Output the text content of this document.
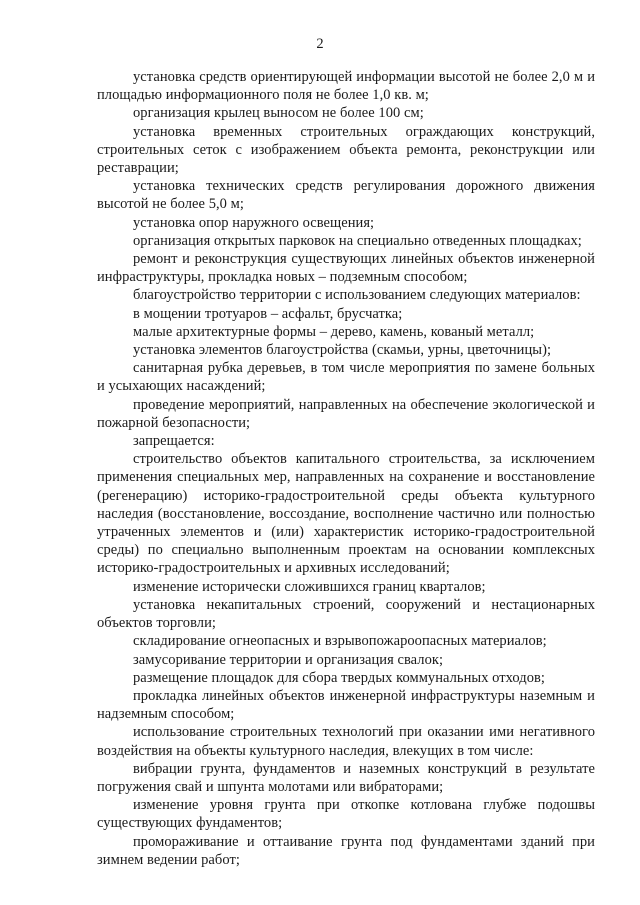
2

установка средств ориентирующей информации высотой не более 2,0 м и площадью информационного поля не более 1,0 кв. м;

организация крылец выносом не более 100 см;

установка временных строительных ограждающих конструкций, строительных сеток с изображением объекта ремонта, реконструкции или реставрации;

установка технических средств регулирования дорожного движения высотой не более 5,0 м;

установка опор наружного освещения;

организация открытых парковок на специально отведенных площадках;

ремонт и реконструкция существующих линейных объектов инженерной инфраструктуры, прокладка новых – подземным способом;

благоустройство территории с использованием следующих материалов:

в мощении тротуаров – асфальт, брусчатка;

малые архитектурные формы – дерево, камень, кованый металл;

установка элементов благоустройства (скамьи, урны, цветочницы);

санитарная рубка деревьев, в том числе мероприятия по замене больных и усыхающих насаждений;

проведение мероприятий, направленных на обеспечение экологической и пожарной безопасности;

запрещается:

строительство объектов капитального строительства, за исключением применения специальных мер, направленных на сохранение и восстановление (регенерацию) историко-градостроительной среды объекта культурного наследия (восстановление, воссоздание, восполнение частично или полностью утраченных элементов и (или) характеристик историко-градостроительной среды) по специально выполненным проектам на основании комплексных историко-градостроительных и архивных исследований;

изменение исторически сложившихся границ кварталов;

установка некапитальных строений, сооружений и нестационарных объектов торговли;

складирование огнеопасных и взрывопожароопасных материалов;

замусоривание территории и организация свалок;

размещение площадок для сбора твердых коммунальных отходов;

прокладка линейных объектов инженерной инфраструктуры наземным и надземным способом;

использование строительных технологий при оказании ими негативного воздействия на объекты культурного наследия, влекущих в том числе:

вибрации грунта, фундаментов и наземных конструкций в результате погружения свай и шпунта молотами или вибраторами;

изменение уровня грунта при откопке котлована глубже подошвы существующих фундаментов;

промораживание и оттаивание грунта под фундаментами зданий при зимнем ведении работ;
